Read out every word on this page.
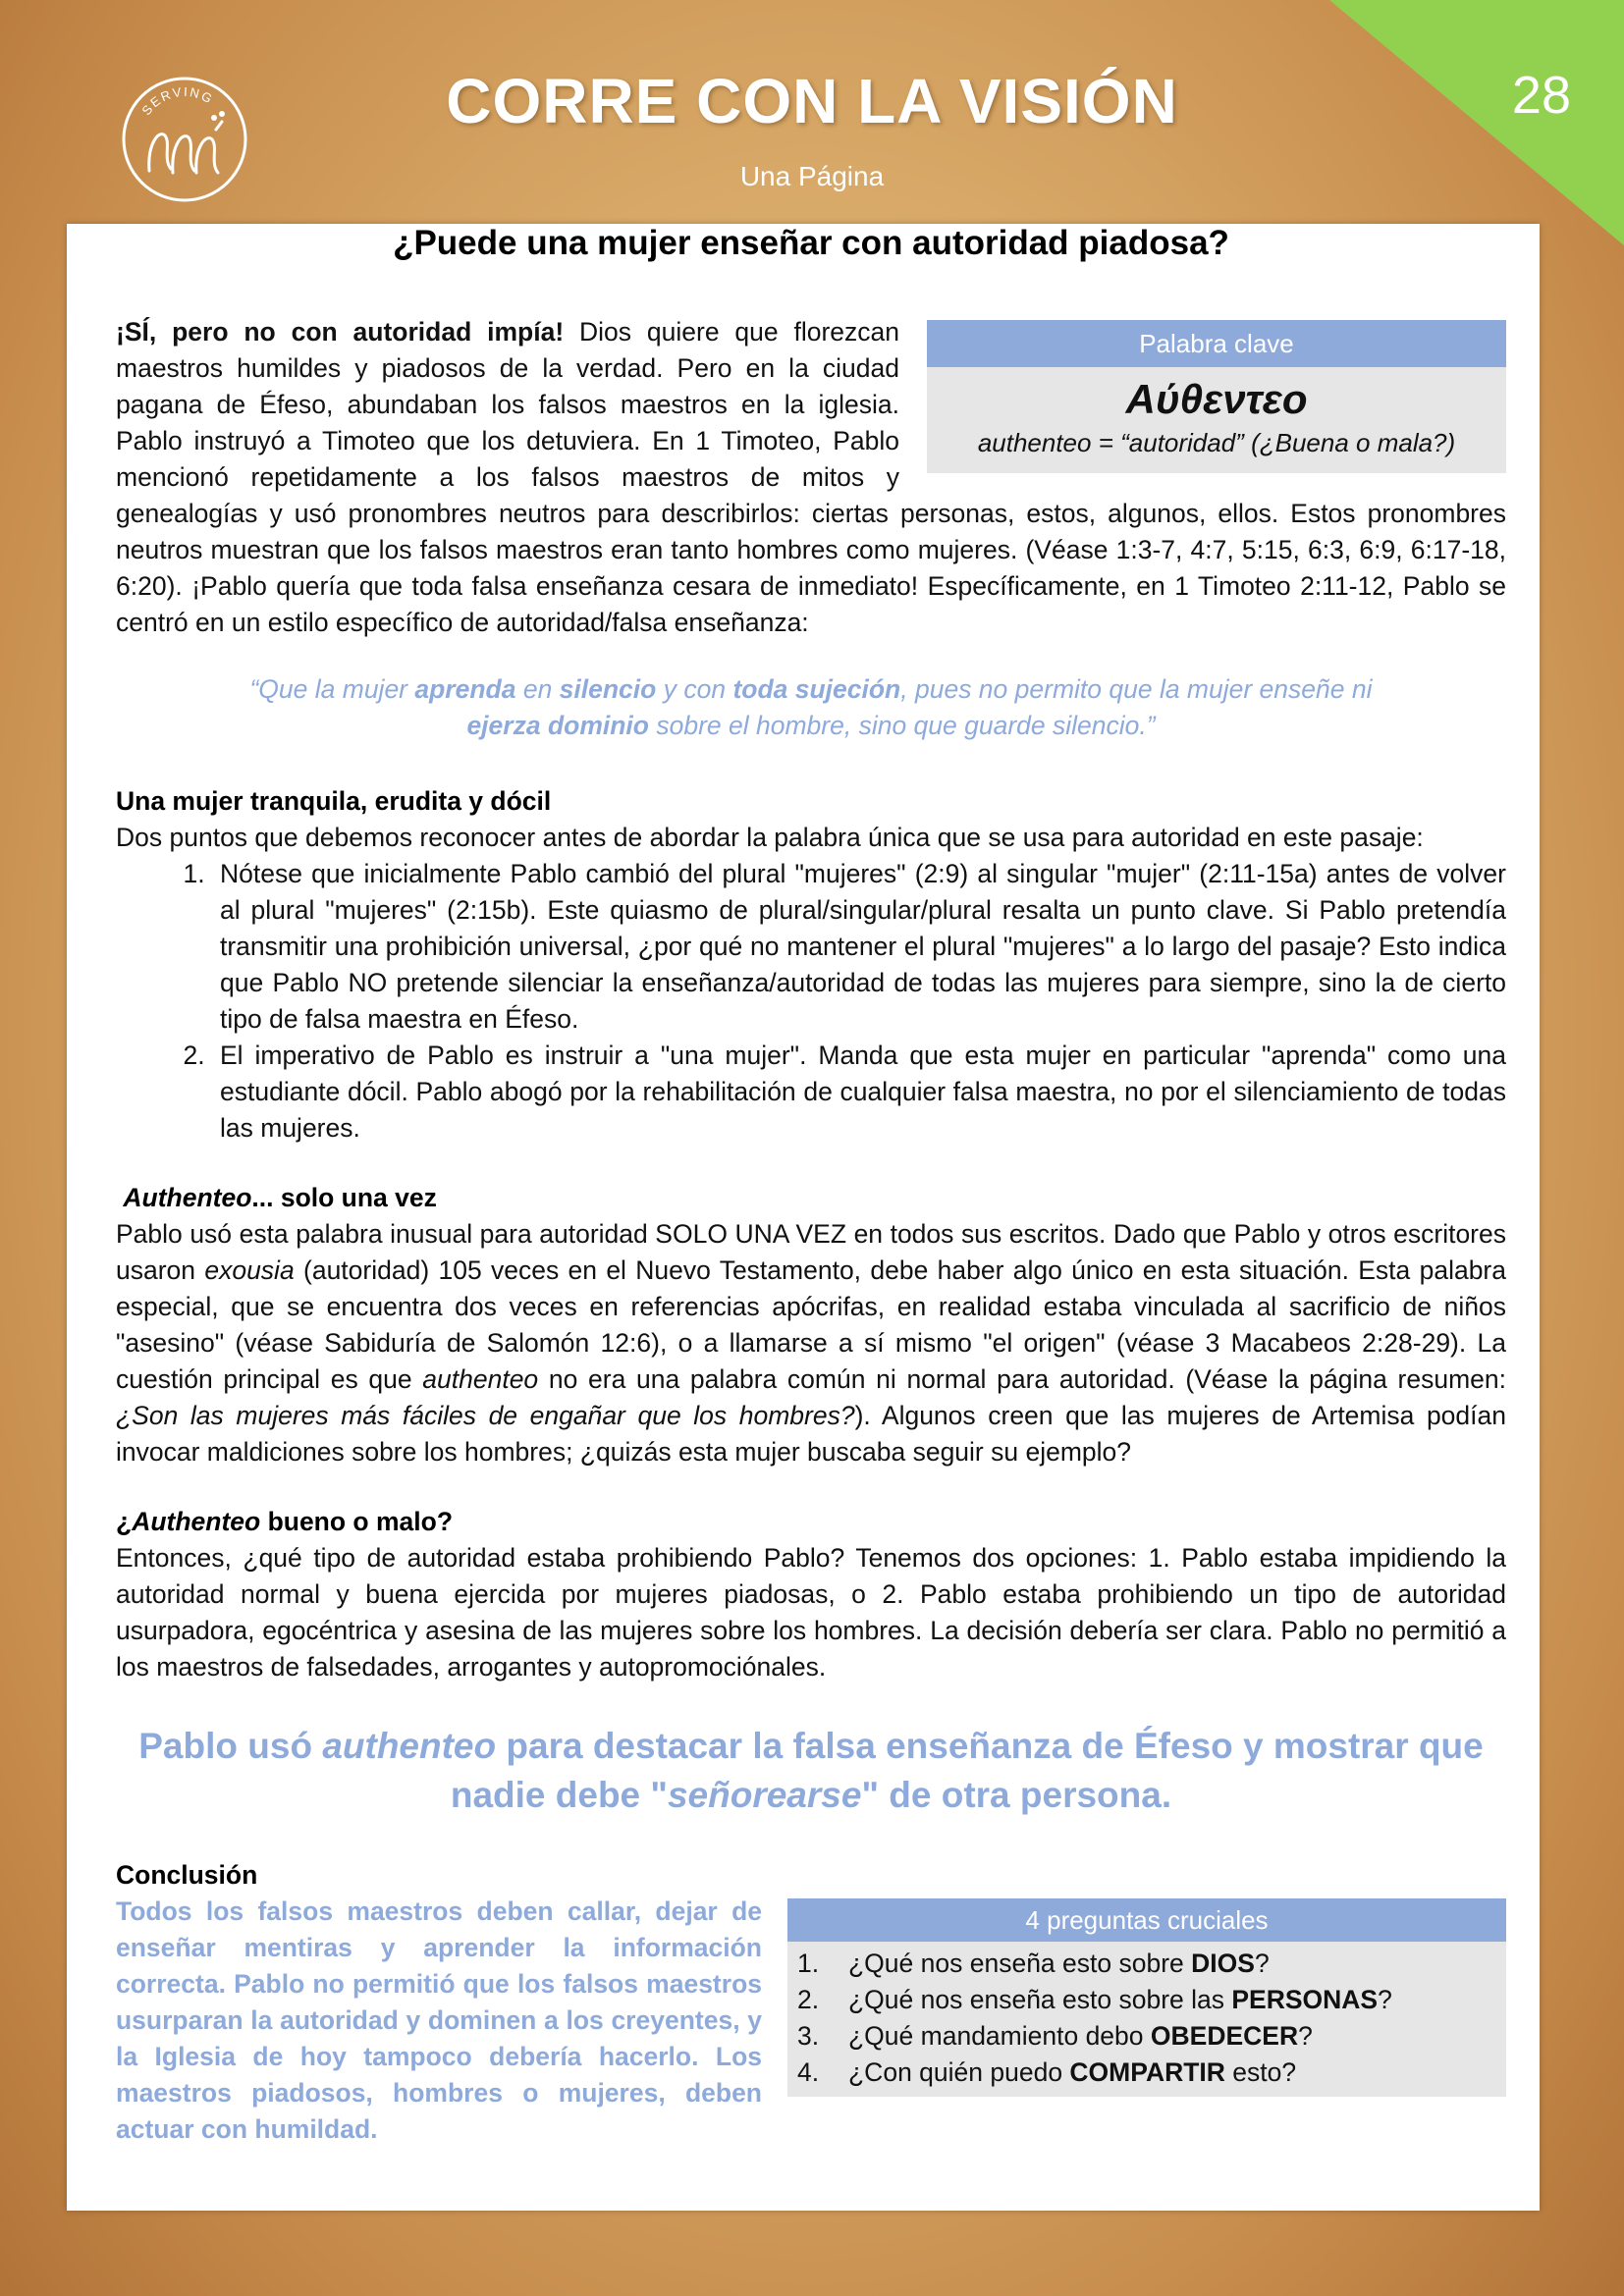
28
SERVING	CORRE CON LA VISIÓN
Una Página
¿Puede una mujer enseñar con autoridad piadosa?
Palabra clave
Αύθεντεο
authenteo = “autoridad” (¿Buena o mala?)
¡SÍ, pero no con autoridad impía! Dios quiere que florezcan maestros humildes y piadosos de la verdad. Pero en la ciudad pagana de Éfeso, abundaban los falsos maestros en la iglesia. Pablo instruyó a Timoteo que los detuviera. En 1 Timoteo, Pablo mencionó repetidamente a los falsos maestros de mitos y genealogías y usó pronombres neutros para describirlos: ciertas personas, estos, algunos, ellos. Estos pronombres neutros muestran que los falsos maestros eran tanto hombres como mujeres. (Véase 1:3-7, 4:7, 5:15, 6:3, 6:9, 6:17-18, 6:20). ¡Pablo quería que toda falsa enseñanza cesara de inmediato! Específicamente, en 1 Timoteo 2:11-12, Pablo se centró en un estilo específico de autoridad/falsa enseñanza:
“Que la mujer aprenda en silencio y con toda sujeción, pues no permito que la mujer enseñe ni
ejerza dominio sobre el hombre, sino que guarde silencio.”
Una mujer tranquila, erudita y dócil
Dos puntos que debemos reconocer antes de abordar la palabra única que se usa para autoridad en este pasaje:
1. Nótese que inicialmente Pablo cambió del plural "mujeres" (2:9) al singular "mujer" (2:11-15a) antes de volver al plural "mujeres" (2:15b). Este quiasmo de plural/singular/plural resalta un punto clave. Si Pablo pretendía transmitir una prohibición universal, ¿por qué no mantener el plural "mujeres" a lo largo del pasaje? Esto indica que Pablo NO pretende silenciar la enseñanza/autoridad de todas las mujeres para siempre, sino la de cierto tipo de falsa maestra en Éfeso.
2. El imperativo de Pablo es instruir a "una mujer". Manda que esta mujer en particular "aprenda" como una estudiante dócil. Pablo abogó por la rehabilitación de cualquier falsa maestra, no por el silenciamiento de todas las mujeres.
Authenteo... solo una vez
Pablo usó esta palabra inusual para autoridad SOLO UNA VEZ en todos sus escritos. Dado que Pablo y otros escritores usaron exousia (autoridad) 105 veces en el Nuevo Testamento, debe haber algo único en esta situación. Esta palabra especial, que se encuentra dos veces en referencias apócrifas, en realidad estaba vinculada al sacrificio de niños "asesino" (véase Sabiduría de Salomón 12:6), o a llamarse a sí mismo "el origen" (véase 3 Macabeos 2:28-29). La cuestión principal es que authenteo no era una palabra común ni normal para autoridad. (Véase la página resumen: ¿Son las mujeres más fáciles de engañar que los hombres?). Algunos creen que las mujeres de Artemisa podían invocar maldiciones sobre los hombres; ¿quizás esta mujer buscaba seguir su ejemplo?
¿Authenteo bueno o malo?
Entonces, ¿qué tipo de autoridad estaba prohibiendo Pablo? Tenemos dos opciones: 1. Pablo estaba impidiendo la autoridad normal y buena ejercida por mujeres piadosas, o 2. Pablo estaba prohibiendo un tipo de autoridad usurpadora, egocéntrica y asesina de las mujeres sobre los hombres. La decisión debería ser clara. Pablo no permitió a los maestros de falsedades, arrogantes y autopromociónales.
Pablo usó authenteo para destacar la falsa enseñanza de Éfeso y mostrar que nadie debe "señorearse" de otra persona.
Conclusión
Todos los falsos maestros deben callar, dejar de enseñar mentiras y aprender la información correcta. Pablo no permitió que los falsos maestros usurparan la autoridad y dominen a los creyentes, y la Iglesia de hoy tampoco debería hacerlo. Los maestros piadosos, hombres o mujeres, deben actuar con humildad.
4 preguntas cruciales
1. ¿Qué nos enseña esto sobre DIOS?
2. ¿Qué nos enseña esto sobre las PERSONAS?
3. ¿Qué mandamiento debo OBEDECER?
4. ¿Con quién puedo COMPARTIR esto?
